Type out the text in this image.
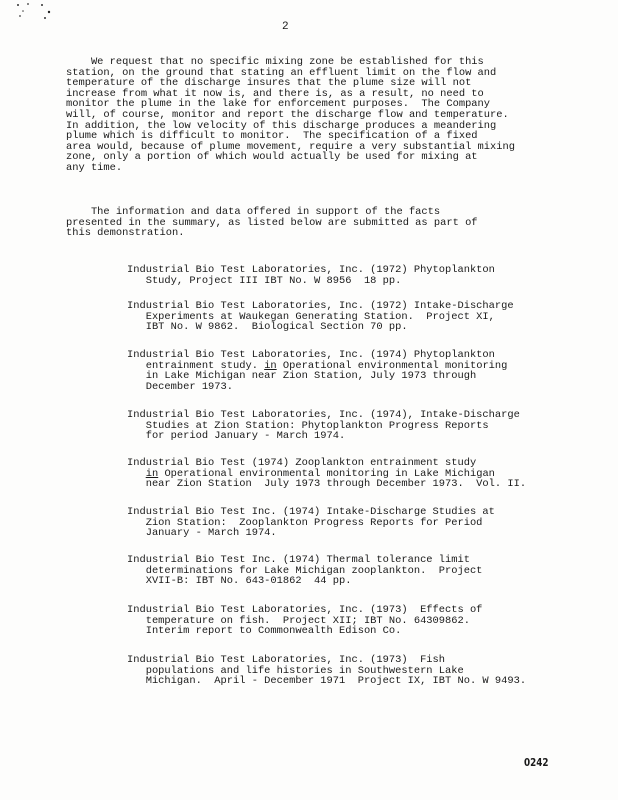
2
We request that no specific mixing zone be established for this
station, on the ground that stating an effluent limit on the flow and
temperature of the discharge insures that the plume size will not
increase from what it now is, and there is, as a result, no need to
monitor the plume in the lake for enforcement purposes.  The Company
will, of course, monitor and report the discharge flow and temperature.
In addition, the low velocity of this discharge produces a meandering
plume which is difficult to monitor.  The specification of a fixed
area would, because of plume movement, require a very substantial mixing
zone, only a portion of which would actually be used for mixing at
any time.
The information and data offered in support of the facts
presented in the summary, as listed below are submitted as part of
this demonstration.
Industrial Bio Test Laboratories, Inc. (1972) Phytoplankton
Study, Project III IBT No. W 8956  18 pp.
Industrial Bio Test Laboratories, Inc. (1972) Intake-Discharge
Experiments at Waukegan Generating Station.  Project XI,
IBT No. W 9862.  Biological Section 70 pp.
Industrial Bio Test Laboratories, Inc. (1974) Phytoplankton
entrainment study. in Operational environmental monitoring
in Lake Michigan near Zion Station, July 1973 through
December 1973.
Industrial Bio Test Laboratories, Inc. (1974), Intake-Discharge
Studies at Zion Station: Phytoplankton Progress Reports
for period January - March 1974.
Industrial Bio Test (1974) Zooplankton entrainment study
in Operational environmental monitoring in Lake Michigan
near Zion Station  July 1973 through December 1973.  Vol. II.
Industrial Bio Test Inc. (1974) Intake-Discharge Studies at
Zion Station:  Zooplankton Progress Reports for Period
January - March 1974.
Industrial Bio Test Inc. (1974) Thermal tolerance limit
determinations for Lake Michigan zooplankton.  Project
XVII-B: IBT No. 643-01862  44 pp.
Industrial Bio Test Laboratories, Inc. (1973)  Effects of
temperature on fish.  Project XII; IBT No. 64309862.
Interim report to Commonwealth Edison Co.
Industrial Bio Test Laboratories, Inc. (1973)  Fish
populations and life histories in Southwestern Lake
Michigan.  April - December 1971  Project IX, IBT No. W 9493.
0242
